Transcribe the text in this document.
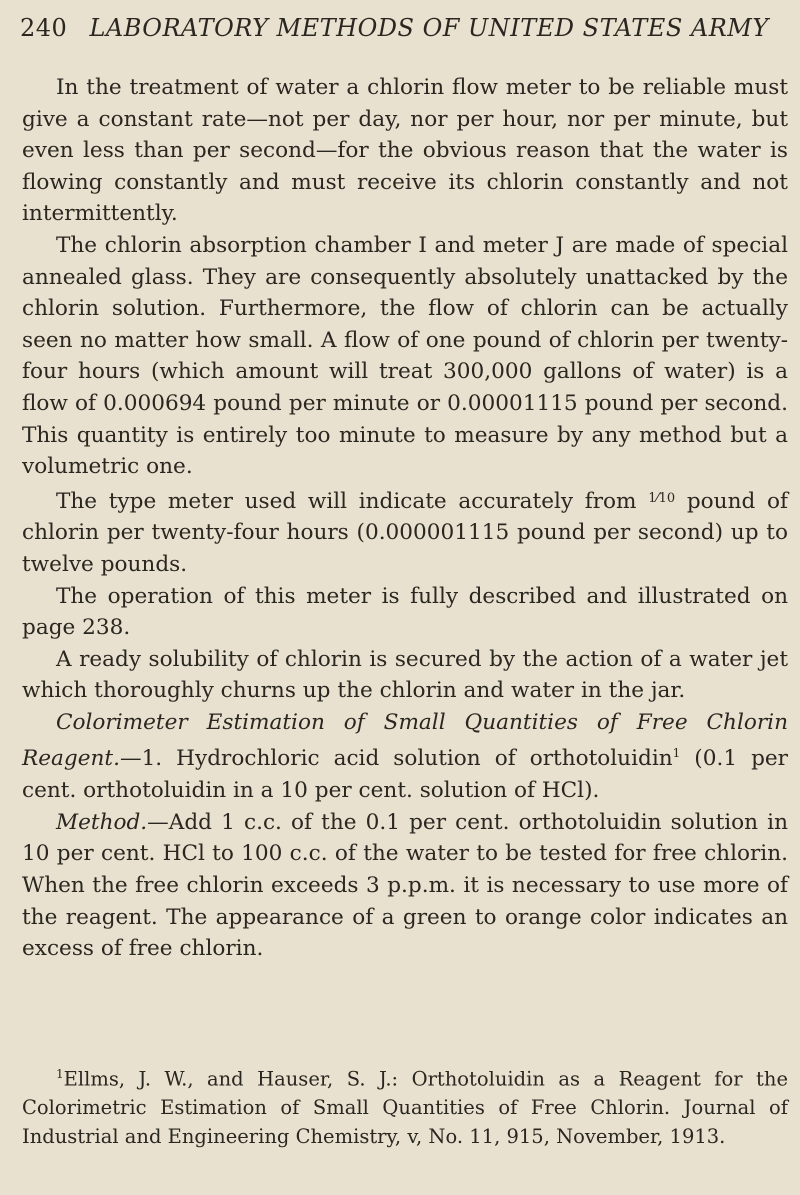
240 LABORATORY METHODS OF UNITED STATES ARMY

In the treatment of water a chlorin flow meter to be reliable must give a constant rate—not per day, nor per hour, nor per minute, but even less than per second—for the obvious reason that the water is flowing constantly and must receive its chlorin constantly and not intermittently.

The chlorin absorption chamber I and meter J are made of special annealed glass. They are consequently absolutely unattacked by the chlorin solution. Furthermore, the flow of chlorin can be actually seen no matter how small. A flow of one pound of chlorin per twenty-four hours (which amount will treat 300,000 gallons of water) is a flow of 0.000694 pound per minute or 0.00001115 pound per second. This quantity is entirely too minute to measure by any method but a volumetric one.

The type meter used will indicate accurately from $^{1⁄10}$ pound of chlorin per twenty-four hours (0.000001115 pound per second) up to twelve pounds.

The operation of this meter is fully described and illustrated on page 238.

A ready solubility of chlorin is secured by the action of a water jet which thoroughly churns up the chlorin and water in the jar.

Colorimeter Estimation of Small Quantities of Free Chlorin Reagent.—1. Hydrochloric acid solution of orthotoluidin$^1$ (0.1 per cent. orthotoluidin in a 10 per cent. solution of HCl).

Method.—Add 1 c.c. of the 0.1 per cent. orthotoluidin solution in 10 per cent. HCl to 100 c.c. of the water to be tested for free chlorin. When the free chlorin exceeds 3 p.p.m. it is necessary to use more of the reagent. The appearance of a green to orange color indicates an excess of free chlorin.

$^1$Ellms, J. W., and Hauser, S. J.: Orthotoluidin as a Reagent for the Colorimetric Estimation of Small Quantities of Free Chlorin. Journal of Industrial and Engineering Chemistry, v, No. 11, 915, November, 1913.
